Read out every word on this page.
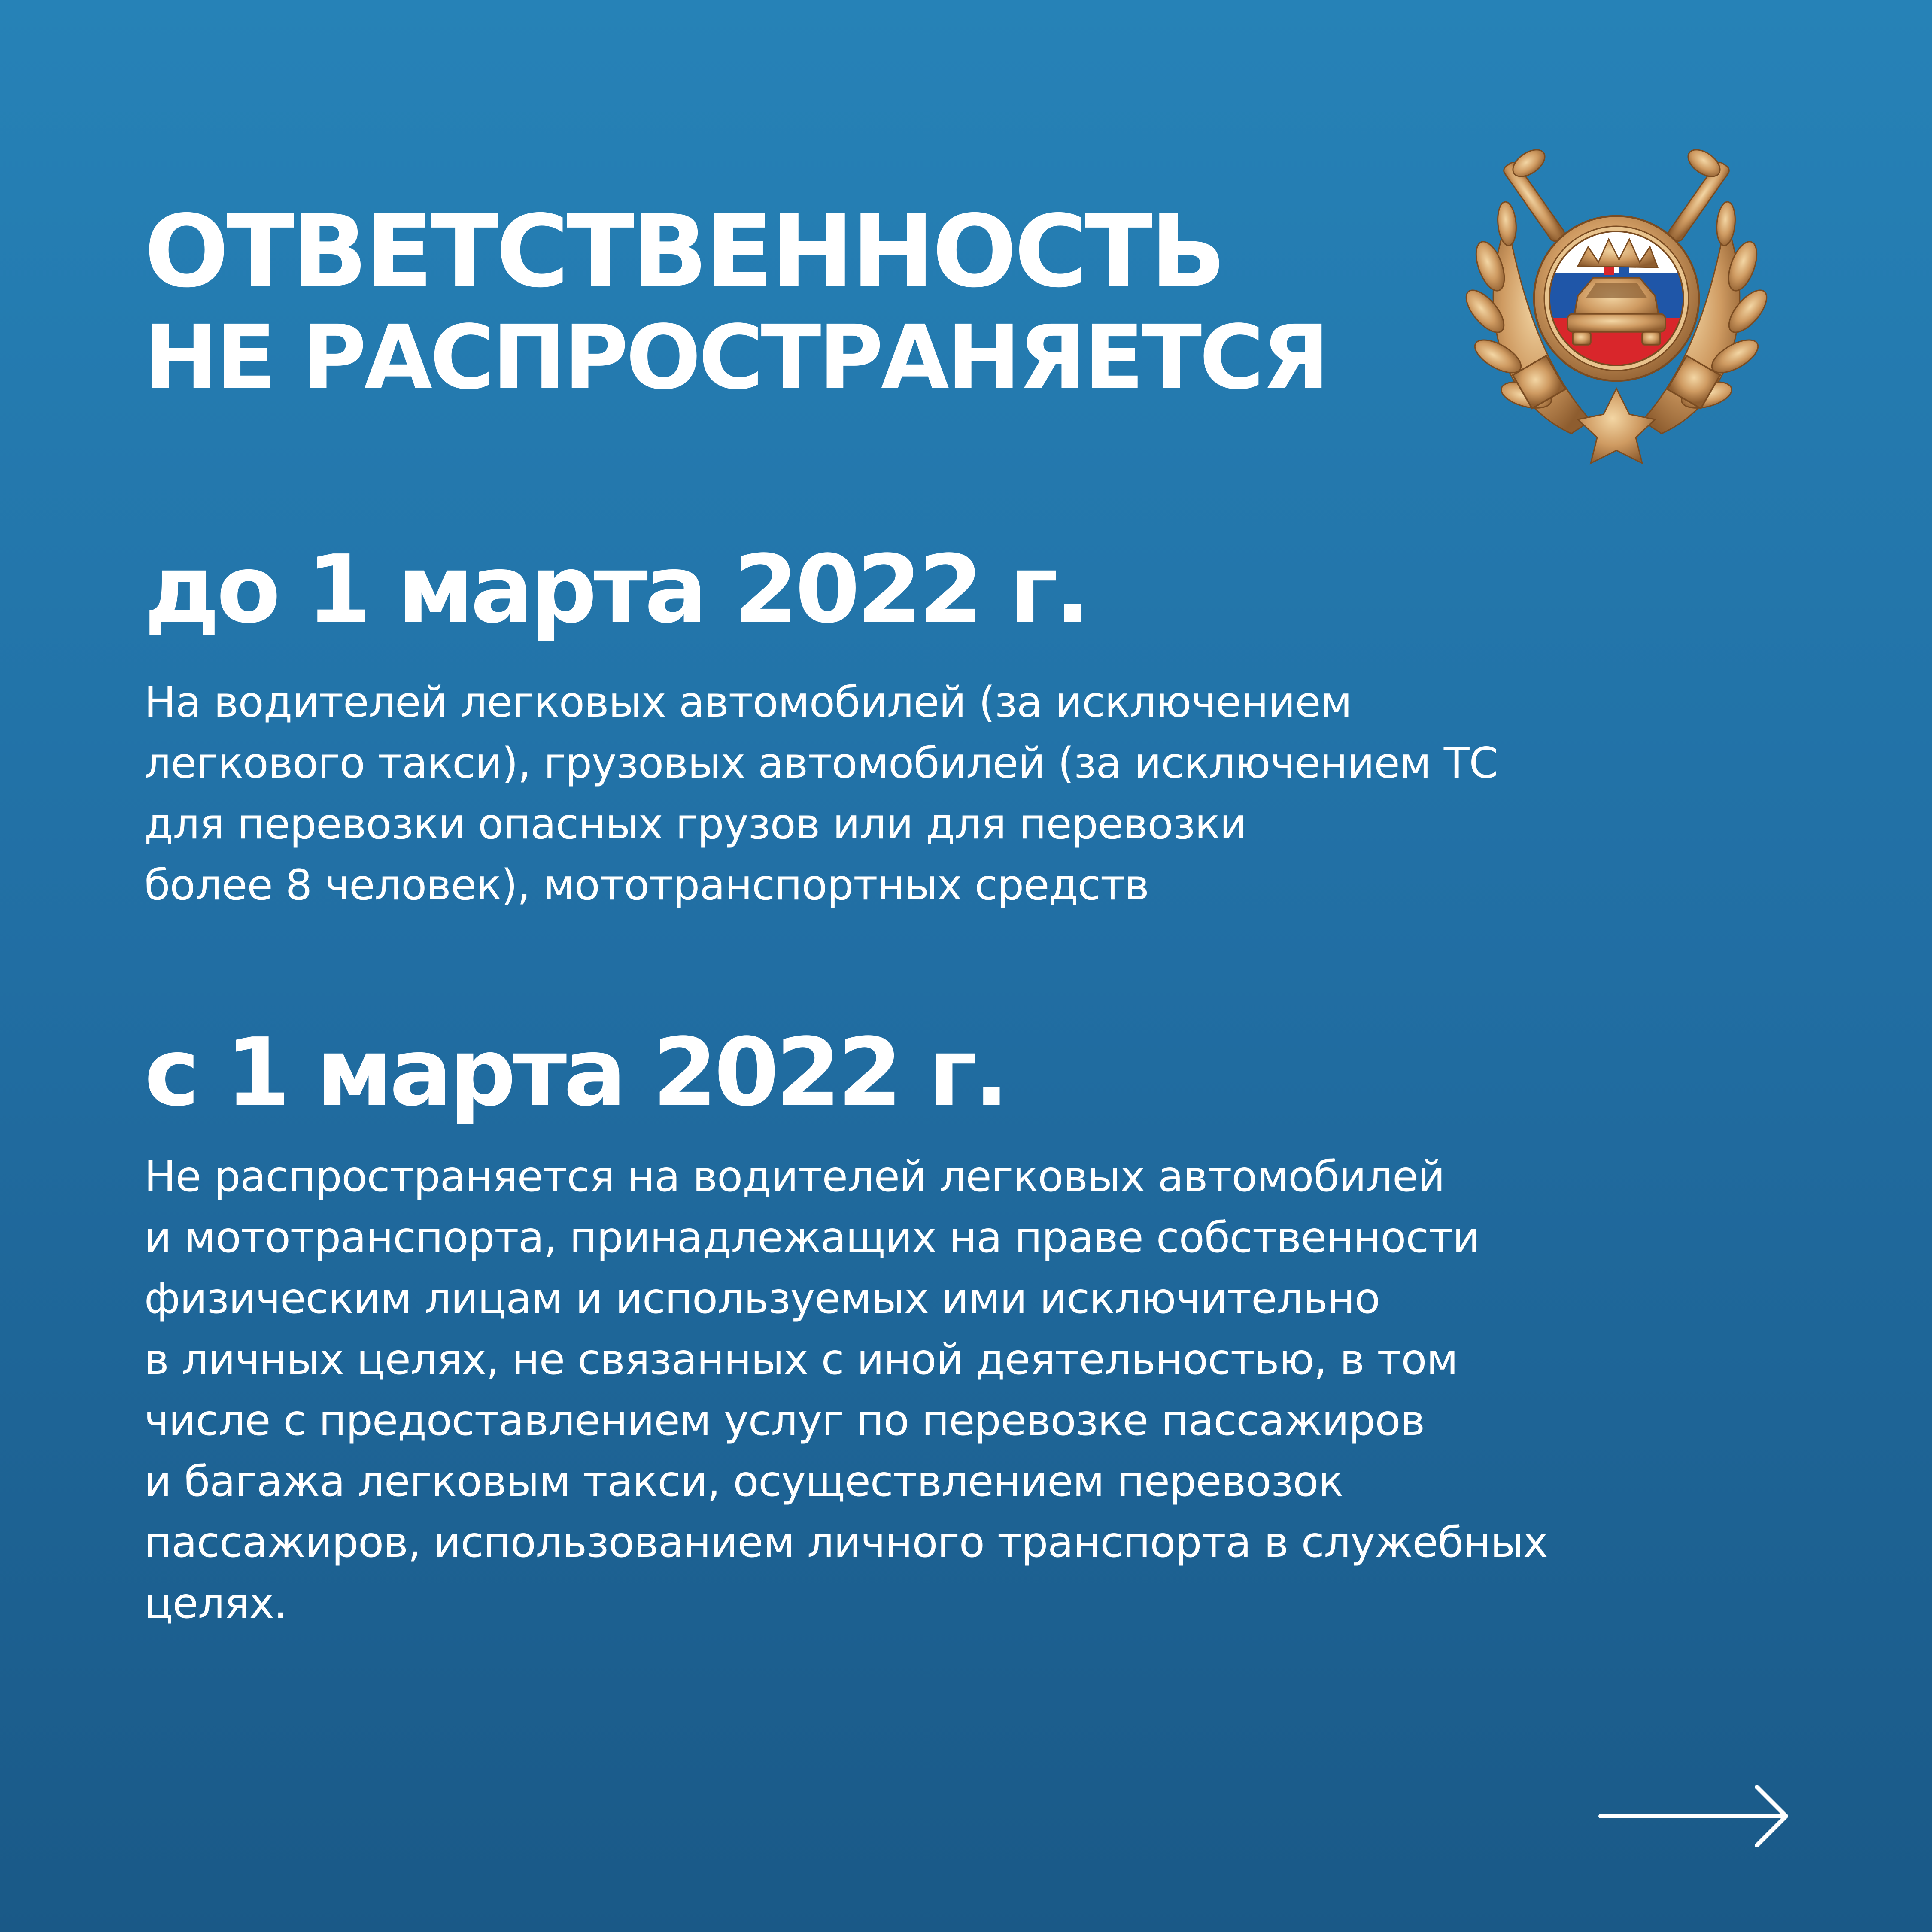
ОТВЕТСТВЕННОСТЬ
НЕ РАСПРОСТРАНЯЕТСЯ
до 1 марта 2022 г.

На водителей легковых автомобилей (за исключением
легкового такси), грузовых автомобилей (за исключением ТС
для перевозки опасных грузов или для перевозки
более 8 человек), мототранспортных средств

с 1 марта 2022 г.

Не распространяется на водителей легковых автомобилей
и мототранспорта, принадлежащих на праве собственности
физическим лицам и используемых ими исключительно
в личных целях, не связанных с иной деятельностью, в том
числе с предоставлением услуг по перевозке пассажиров
и багажа легковым такси, осуществлением перевозок
пассажиров, использованием личного транспорта в служебных
целях.
